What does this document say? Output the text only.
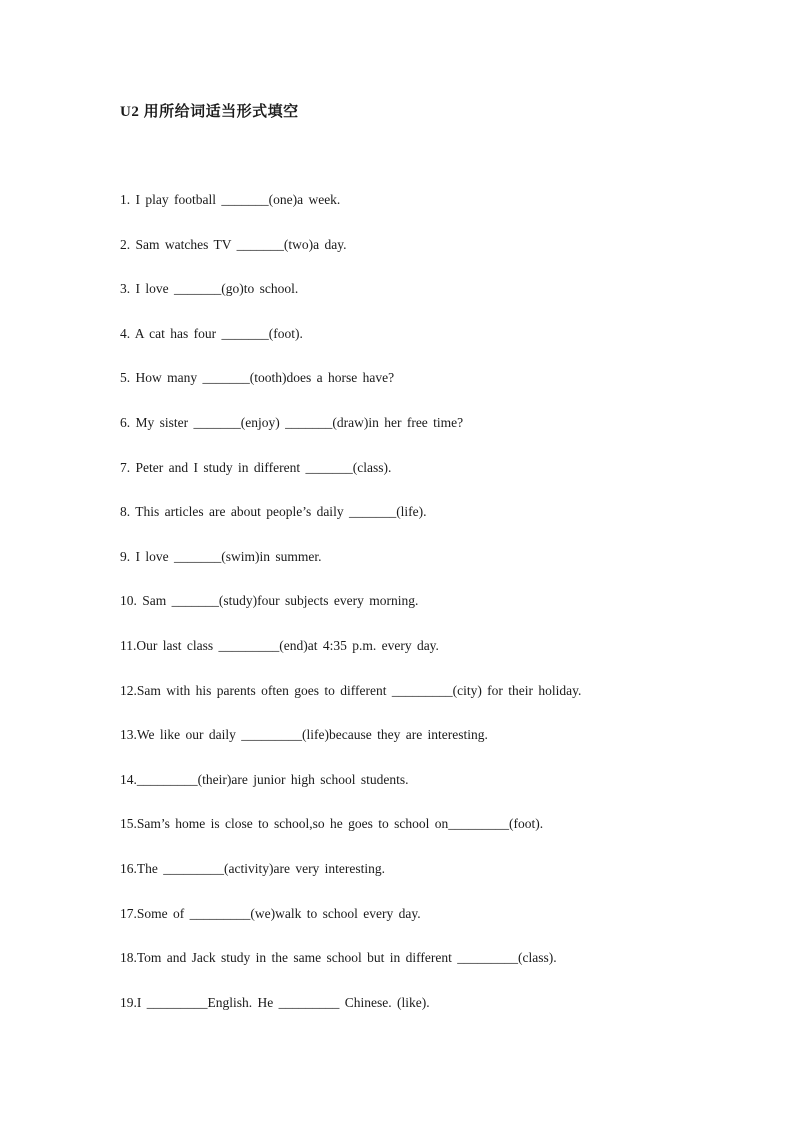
U2 用所给词适当形式填空
1. I play football _______(one)a week.
2. Sam watches TV _______(two)a day.
3. I love _______(go)to school.
4. A cat has four _______(foot).
5. How many _______(tooth)does a horse have?
6. My sister _______(enjoy) _______(draw)in her free time?
7. Peter and I study in different _______(class).
8. This articles are about people’s daily _______(life).
9. I love _______(swim)in summer.
10. Sam _______(study)four subjects every morning.
11.Our last class _________(end)at 4:35 p.m. every day.
12.Sam with his parents often goes to different _________(city) for their holiday.
13.We like our daily _________(life)because they are interesting.
14._________(their)are junior high school students.
15.Sam’s home is close to school,so he goes to school on_________(foot).
16.The _________(activity)are very interesting.
17.Some of _________(we)walk to school every day.
18.Tom and Jack study in the same school but in different _________(class).
19.I _________English. He _________ Chinese. (like).
